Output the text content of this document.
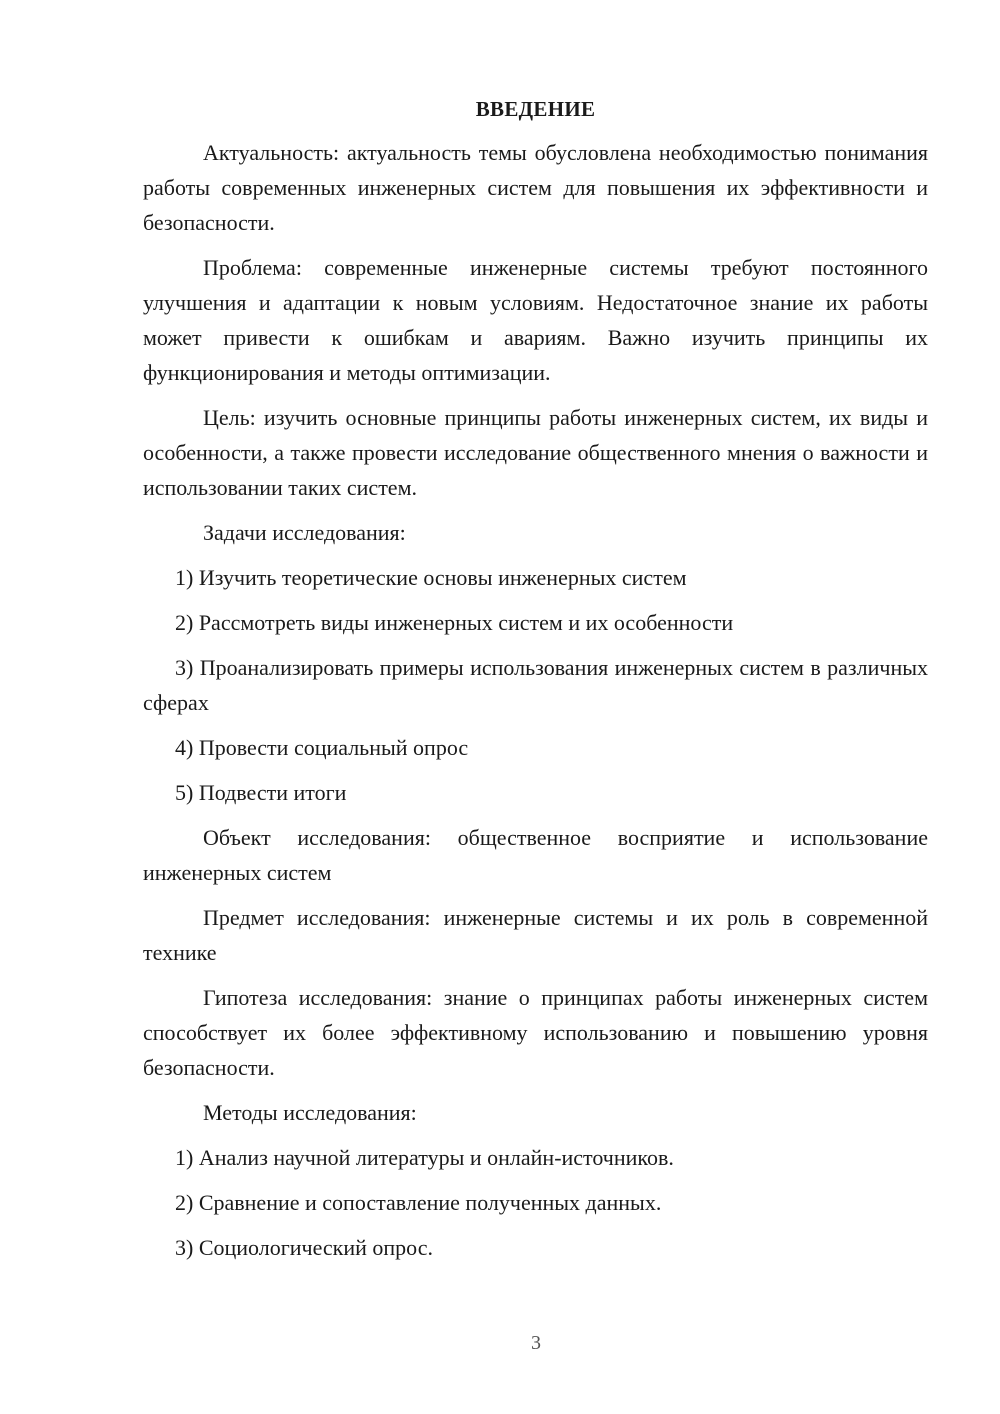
ВВЕДЕНИЕ

Актуальность: актуальность темы обусловлена необходимостью понимания работы современных инженерных систем для повышения их эффективности и безопасности.

Проблема: современные инженерные системы требуют постоянного улучшения и адаптации к новым условиям. Недостаточное знание их работы может привести к ошибкам и авариям. Важно изучить принципы их функционирования и методы оптимизации.

Цель: изучить основные принципы работы инженерных систем, их виды и особенности, а также провести исследование общественного мнения о важности и использовании таких систем.

Задачи исследования:

1) Изучить теоретические основы инженерных систем

2) Рассмотреть виды инженерных систем и их особенности

3) Проанализировать примеры использования инженерных систем в различных сферах

4) Провести социальный опрос

5) Подвести итоги

Объект исследования: общественное восприятие и использование инженерных систем

Предмет исследования: инженерные системы и их роль в современной технике

Гипотеза исследования: знание о принципах работы инженерных систем способствует их более эффективному использованию и повышению уровня безопасности.

Методы исследования:

1) Анализ научной литературы и онлайн-источников.

2) Сравнение и сопоставление полученных данных.

3) Социологический опрос.

3
